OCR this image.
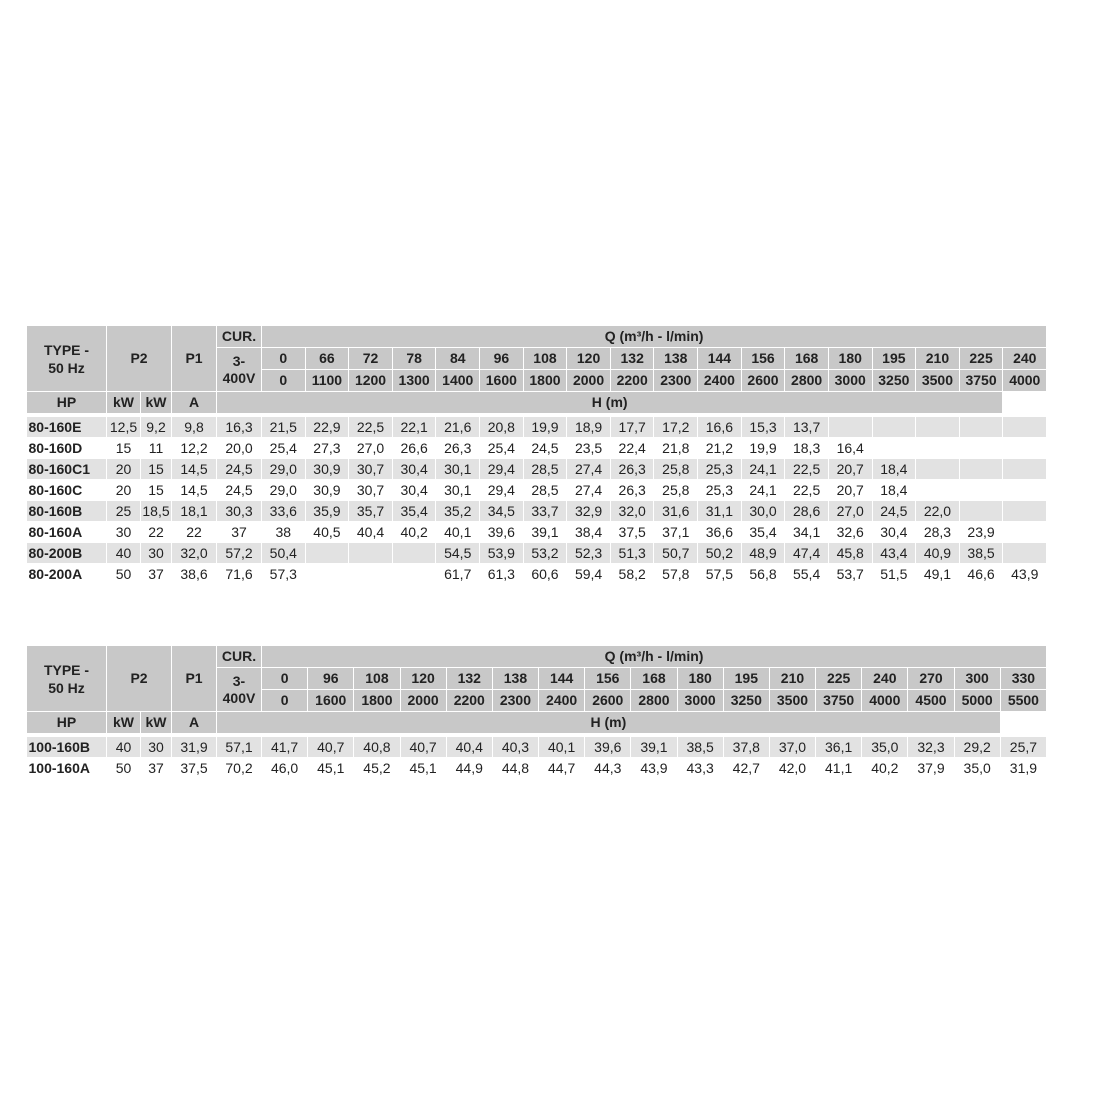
TYPE -
50 Hz	P2		P1	CUR.	Q (m³/h - l/min)																	
				3-
400V	0	66	72	78	84	96	108	120	132	138	144	156	168	180	195	210	225	240
					0	1100	1200	1300	1400	1600	1800	2000	2200	2300	2400	2600	2800	3000	3250	3500	3750	4000
HP	kW	kW	A	H (m)																		

80-160E	12,5	9,2	9,8	16,3	21,5	22,9	22,5	22,1	21,6	20,8	19,9	18,9	17,7	17,2	16,6	15,3	13,7					
80-160D	15	11	12,2	20,0	25,4	27,3	27,0	26,6	26,3	25,4	24,5	23,5	22,4	21,8	21,2	19,9	18,3	16,4				
80-160C1	20	15	14,5	24,5	29,0	30,9	30,7	30,4	30,1	29,4	28,5	27,4	26,3	25,8	25,3	24,1	22,5	20,7	18,4			
80-160C	20	15	14,5	24,5	29,0	30,9	30,7	30,4	30,1	29,4	28,5	27,4	26,3	25,8	25,3	24,1	22,5	20,7	18,4			
80-160B	25	18,5	18,1	30,3	33,6	35,9	35,7	35,4	35,2	34,5	33,7	32,9	32,0	31,6	31,1	30,0	28,6	27,0	24,5	22,0		
80-160A	30	22	22	37	38	40,5	40,4	40,2	40,1	39,6	39,1	38,4	37,5	37,1	36,6	35,4	34,1	32,6	30,4	28,3	23,9	
80-200B	40	30	32,0	57,2	50,4				54,5	53,9	53,2	52,3	51,3	50,7	50,2	48,9	47,4	45,8	43,4	40,9	38,5	
80-200A	50	37	38,6	71,6	57,3				61,7	61,3	60,6	59,4	58,2	57,8	57,5	56,8	55,4	53,7	51,5	49,1	46,6	43,9
TYPE -
50 Hz	P2		P1	CUR.	Q (m³/h - l/min)																
				3-
400V	0	96	108	120	132	138	144	156	168	180	195	210	225	240	270	300	330
					0	1600	1800	2000	2200	2300	2400	2600	2800	3000	3250	3500	3750	4000	4500	5000	5500
HP	kW	kW	A	H (m)																	

100-160B	40	30	31,9	57,1	41,7	40,7	40,8	40,7	40,4	40,3	40,1	39,6	39,1	38,5	37,8	37,0	36,1	35,0	32,3	29,2	25,7
100-160A	50	37	37,5	70,2	46,0	45,1	45,2	45,1	44,9	44,8	44,7	44,3	43,9	43,3	42,7	42,0	41,1	40,2	37,9	35,0	31,9
